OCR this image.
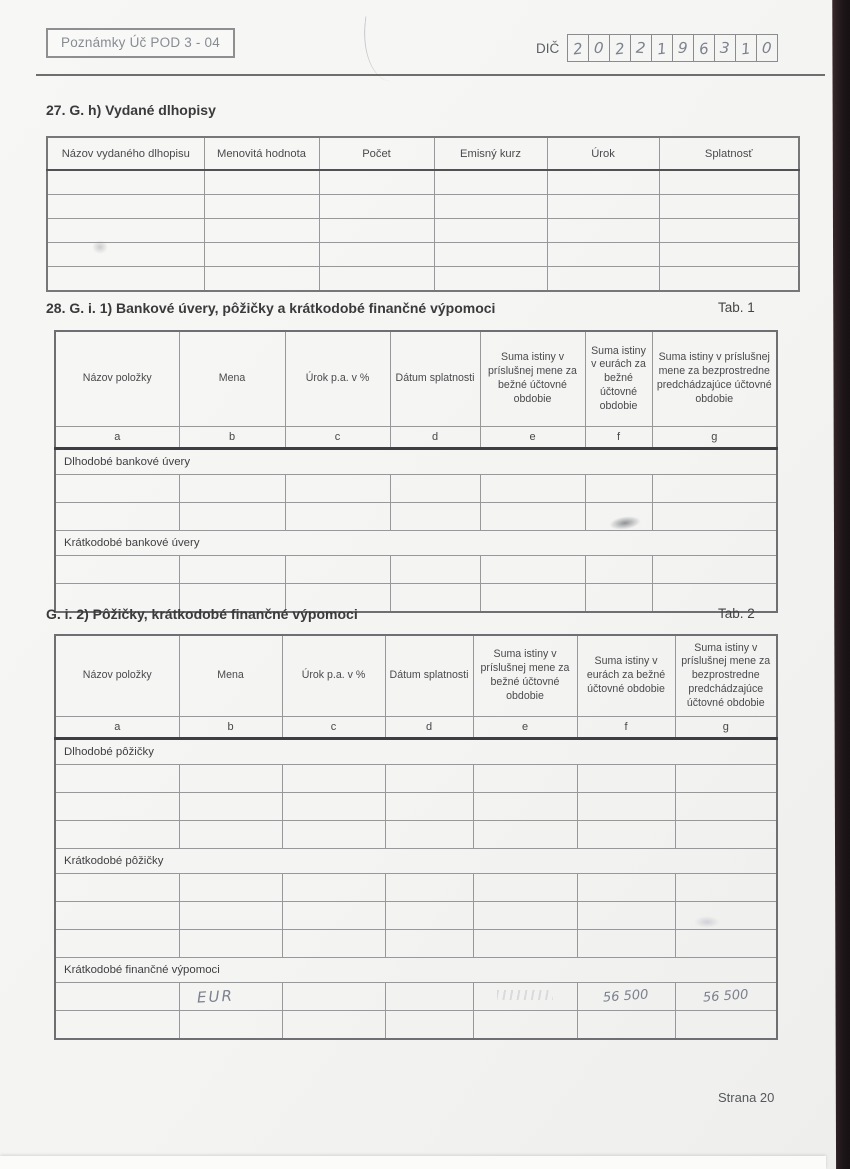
Poznámky Úč POD 3 - 04	DIČ 2 0 2 2 1 9 6 3 1 0
27. G. h) Vydané dlhopisy
Názov vydaného dlhopisu	Menovitá hodnota	Počet	Emisný kurz	Úrok	Splatnosť

28. G. i. 1) Bankové úvery, pôžičky a krátkodobé finančné výpomoci	Tab. 1
Názov položky	Mena	Úrok p.a. v %	Dátum splatnosti	Suma istiny v príslušnej mene za bežné účtovné obdobie	Suma istiny v eurách za bežné účtovné obdobie	Suma istiny v príslušnej mene za bezprostredne predchádzajúce účtovné obdobie
a	b	c	d	e	f	g
Dlhodobé bankové úvery						

Krátkodobé bankové úvery						

G. i. 2) Pôžičky, krátkodobé finančné výpomoci	Tab. 2
Názov položky	Mena	Úrok p.a. v %	Dátum splatnosti	Suma istiny v príslušnej mene za bežné účtovné obdobie	Suma istiny v eurách za bežné účtovné obdobie	Suma istiny v príslušnej mene za bezprostredne predchádzajúce účtovné obdobie
a	b	c	d	e	f	g
Dlhodobé pôžičky						

Krátkodobé pôžičky						

Krátkodobé finančné výpomoci						
	EUR				56 500	56 500

Strana 20
